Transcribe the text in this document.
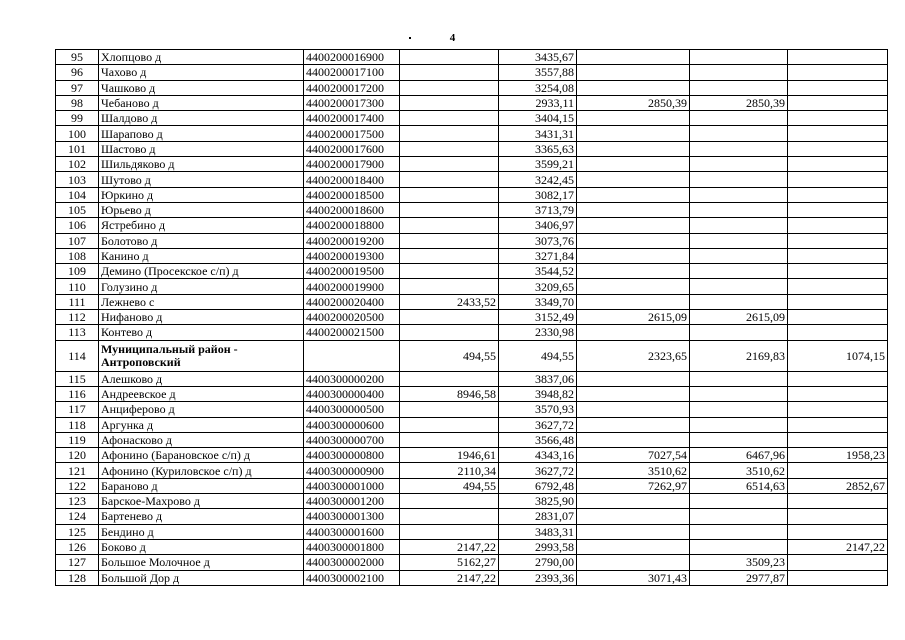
4
95	Хлопцово д	4400200016900		3435,67			
96	Чахово д	4400200017100		3557,88			
97	Чашково д	4400200017200		3254,08			
98	Чебаново д	4400200017300		2933,11	2850,39	2850,39	
99	Шалдово д	4400200017400		3404,15			
100	Шарапово д	4400200017500		3431,31			
101	Шастово д	4400200017600		3365,63			
102	Шильдяково д	4400200017900		3599,21			
103	Шутово д	4400200018400		3242,45			
104	Юркино д	4400200018500		3082,17			
105	Юрьево д	4400200018600		3713,79			
106	Ястребино д	4400200018800		3406,97			
107	Болотово д	4400200019200		3073,76			
108	Канино д	4400200019300		3271,84			
109	Демино (Просекское с/п) д	4400200019500		3544,52			
110	Голузино д	4400200019900		3209,65			
111	Лежнево с	4400200020400	2433,52	3349,70			
112	Нифаново д	4400200020500		3152,49	2615,09	2615,09	
113	Контево д	4400200021500		2330,98			
114	Муниципальный район - Антроповский		494,55	494,55	2323,65	2169,83	1074,15
115	Алешково д	4400300000200		3837,06			
116	Андреевское д	4400300000400	8946,58	3948,82			
117	Анциферово д	4400300000500		3570,93			
118	Аргунка д	4400300000600		3627,72			
119	Афонасково д	4400300000700		3566,48			
120	Афонино (Барановское с/п) д	4400300000800	1946,61	4343,16	7027,54	6467,96	1958,23
121	Афонино (Куриловское с/п) д	4400300000900	2110,34	3627,72	3510,62	3510,62	
122	Бараново д	4400300001000	494,55	6792,48	7262,97	6514,63	2852,67
123	Барское-Махрово д	4400300001200		3825,90			
124	Бартенево д	4400300001300		2831,07			
125	Бендино д	4400300001600		3483,31			
126	Боково д	4400300001800	2147,22	2993,58			2147,22
127	Большое Молочное д	4400300002000	5162,27	2790,00		3509,23	
128	Большой Дор д	4400300002100	2147,22	2393,36	3071,43	2977,87	
